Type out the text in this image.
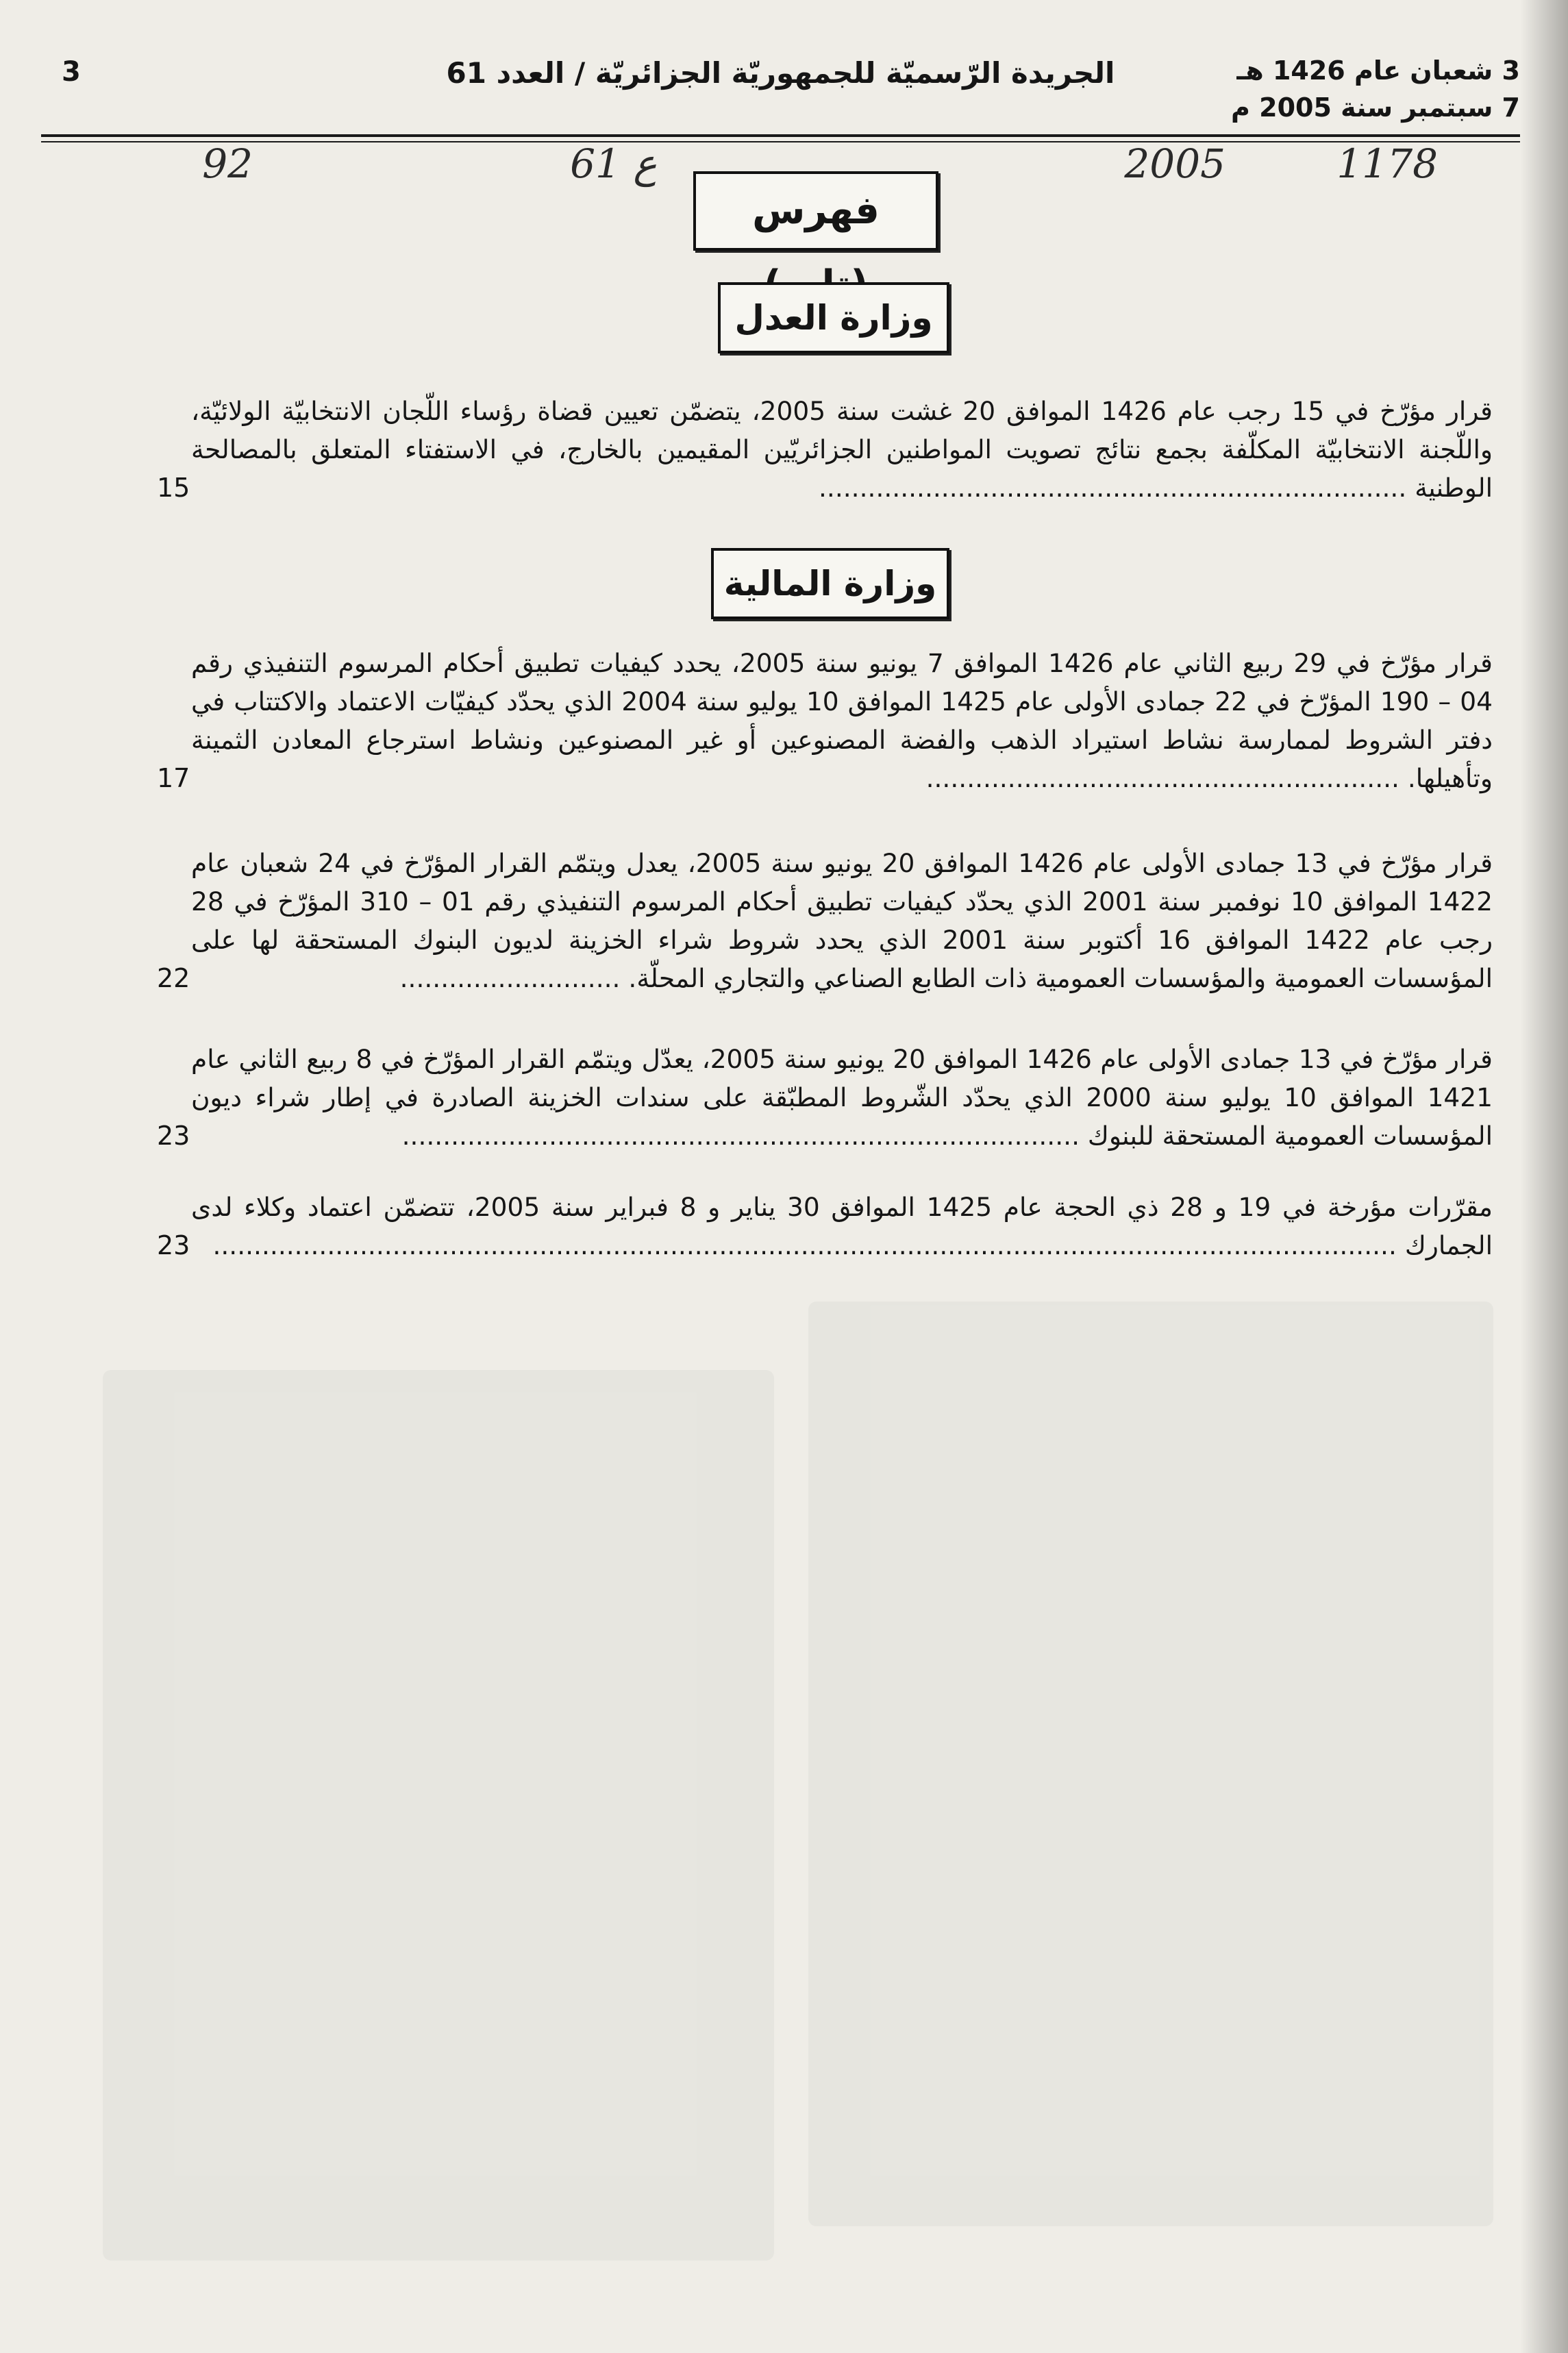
3 شعبان عام 1426 هـ
7 سبتمبر سنة 2005 م
الجريدة الرّسميّة للجمهوريّة الجزائريّة / العدد 61
3
1178
2005
ع 61
92
فهرس
وزارة العدل
قرار مؤرّخ في 15 رجب عام 1426 الموافق 20 غشت سنة 2005، يتضمّن تعيين قضاة رؤساء اللّجان الانتخابيّة الولائيّة، واللّجنة الانتخابيّة المكلّفة بجمع نتائج تصويت المواطنين الجزائريّين المقيمين بالخارج، في الاستفتاء المتعلق بالمصالحة الوطنية ........................................................................
15
وزارة المالية
قرار مؤرّخ في 29 ربيع الثاني عام 1426 الموافق 7 يونيو سنة 2005، يحدد كيفيات تطبيق أحكام المرسوم التنفيذي رقم 04 – 190 المؤرّخ في 22 جمادى الأولى عام 1425 الموافق 10 يوليو سنة 2004 الذي يحدّد كيفيّات الاعتماد والاكتتاب في دفتر الشروط لممارسة نشاط استيراد الذهب والفضة المصنوعين أو غير المصنوعين ونشاط استرجاع المعادن الثمينة وتأهيلها. ..........................................................
17
قرار مؤرّخ في 13 جمادى الأولى عام 1426 الموافق 20 يونيو سنة 2005، يعدل ويتمّم القرار المؤرّخ في 24 شعبان عام 1422 الموافق 10 نوفمبر سنة 2001 الذي يحدّد كيفيات تطبيق أحكام المرسوم التنفيذي رقم 01 – 310 المؤرّخ في 28 رجب عام 1422 الموافق 16 أكتوبر سنة 2001 الذي يحدد شروط شراء الخزينة لديون البنوك المستحقة لها على المؤسسات العمومية والمؤسسات العمومية ذات الطابع الصناعي والتجاري المحلّة. ...........................
22
قرار مؤرّخ في 13 جمادى الأولى عام 1426 الموافق 20 يونيو سنة 2005، يعدّل ويتمّم القرار المؤرّخ في 8 ربيع الثاني عام 1421 الموافق 10 يوليو سنة 2000 الذي يحدّد الشّروط المطبّقة على سندات الخزينة الصادرة في إطار شراء ديون المؤسسات العمومية المستحقة للبنوك ...................................................................................
23
مقرّرات مؤرخة في 19 و 28 ذي الحجة عام 1425 الموافق 30 يناير و 8 فبراير سنة 2005، تتضمّن اعتماد وكلاء لدى الجمارك .................................................................................................................................................
23
